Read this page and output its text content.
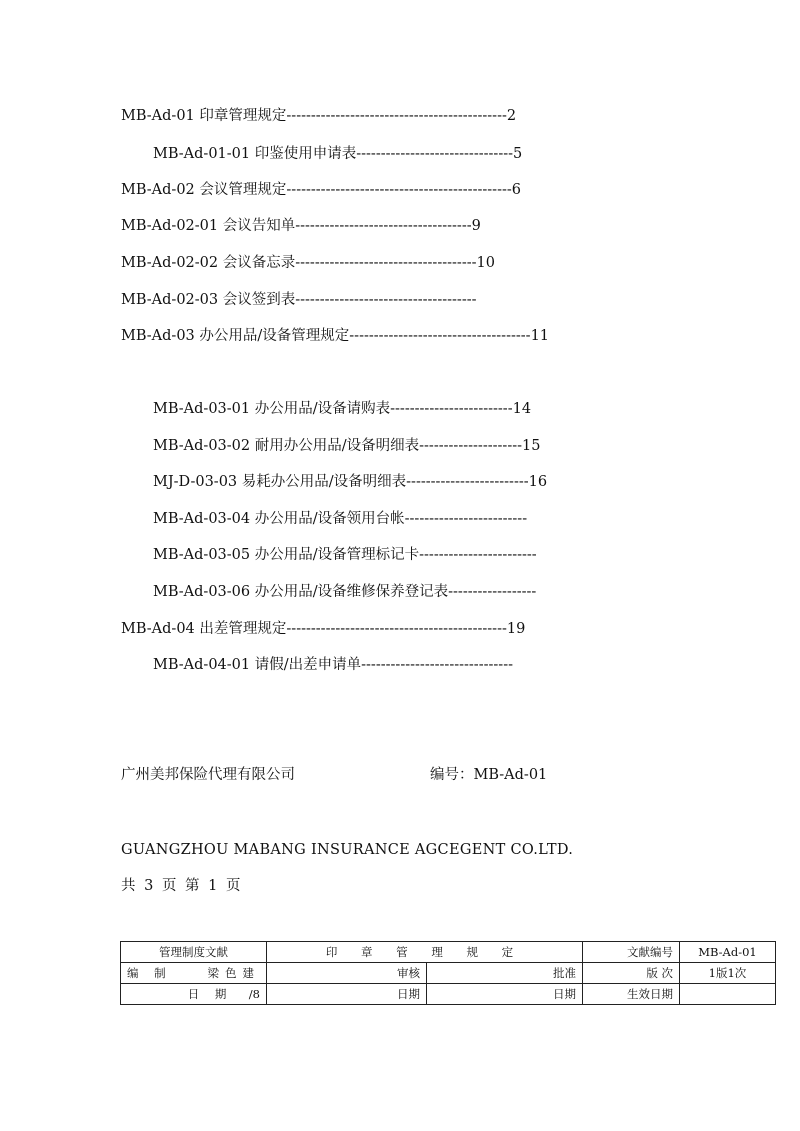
MB-Ad-01 印章管理规定---------------------------------------------2
MB-Ad-01-01 印鉴使用申请表--------------------------------5
MB-Ad-02 会议管理规定----------------------------------------------6
MB-Ad-02-01 会议告知单------------------------------------9
MB-Ad-02-02 会议备忘录-------------------------------------10
MB-Ad-02-03 会议签到表-------------------------------------
MB-Ad-03 办公用品/设备管理规定-------------------------------------11
MB-Ad-03-01 办公用品/设备请购表-------------------------14
MB-Ad-03-02 耐用办公用品/设备明细表---------------------15
MJ-D-03-03 易耗办公用品/设备明细表-------------------------16
MB-Ad-03-04 办公用品/设备领用台帐-------------------------
MB-Ad-03-05 办公用品/设备管理标记卡------------------------
MB-Ad-03-06 办公用品/设备维修保养登记表------------------
MB-Ad-04 出差管理规定---------------------------------------------19
MB-Ad-04-01 请假/出差申请单-------------------------------
广州美邦保险代理有限公司	编号：MB-Ad-01
GUANGZHOU MABANG INSURANCE AGCEGENT CO.LTD.
共 3 页 第 1 页
管理制度文献	印 章 管 理 规 定		文献编号	MB-Ad-01
编 制 梁色建	审核	批准	版 次	1版1次
日 期 /8	日期	日期	生效日期	
